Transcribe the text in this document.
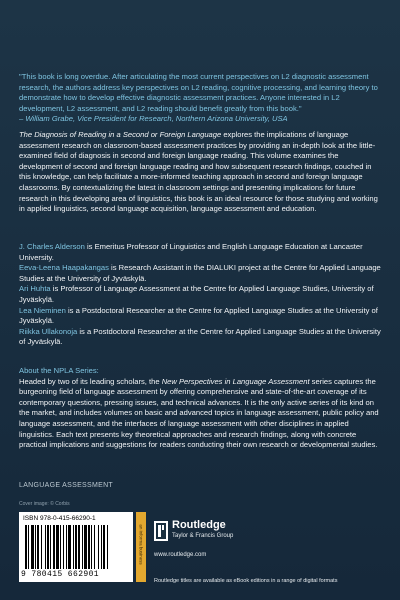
"This book is long overdue. After articulating the most current perspectives on L2 diagnostic assessment research, the authors address key perspectives on L2 reading, cognitive processing, and learning theory to demonstrate how to develop effective diagnostic assessment practices. Anyone interested in L2 development, L2 assessment, and L2 reading should benefit greatly from this book."
– William Grabe, Vice President for Research, Northern Arizona University, USA
The Diagnosis of Reading in a Second or Foreign Language explores the implications of language assessment research on classroom-based assessment practices by providing an in-depth look at the little-examined field of diagnosis in second and foreign language reading. This volume examines the development of second and foreign language reading and how subsequent research findings, couched in this knowledge, can help facilitate a more-informed teaching approach in second and foreign language classrooms. By contextualizing the latest in classroom settings and presenting implications for future research in this developing area of linguistics, this book is an ideal resource for those studying and working in applied linguistics, second language acquisition, language assessment and education.

J. Charles Alderson is Emeritus Professor of Linguistics and English Language Education at Lancaster University.

Eeva-Leena Haapakangas is Research Assistant in the DIALUKI project at the Centre for Applied Language Studies at the University of Jyväskylä.

Ari Huhta is Professor of Language Assessment at the Centre for Applied Language Studies, University of Jyväskylä.

Lea Nieminen is a Postdoctoral Researcher at the Centre for Applied Language Studies at the University of Jyväskylä.

Riikka Ullakonoja is a Postdoctoral Researcher at the Centre for Applied Language Studies at the University of Jyväskylä.

About the NPLA Series:
Headed by two of its leading scholars, the New Perspectives in Language Assessment series captures the burgeoning field of language assessment by offering comprehensive and state-of-the-art coverage of its contemporary questions, pressing issues, and technical advances. It is the only active series of its kind on the market, and includes volumes on basic and advanced topics in language assessment, public policy and language assessment, and the interfaces of language assessment with other disciplines in applied linguistics. Each text presents key theoretical approaches and research findings, along with concrete practical implications and suggestions for readers conducting their own research or developmental studies.
LANGUAGE ASSESSMENT
Cover image: © Corbis
ISBN 978-0-415-66290-1
9 780415 662901
an informa business	Routledge
Taylor & Francis Group
www.routledge.com
Routledge titles are available as eBook editions in a range of digital formats
